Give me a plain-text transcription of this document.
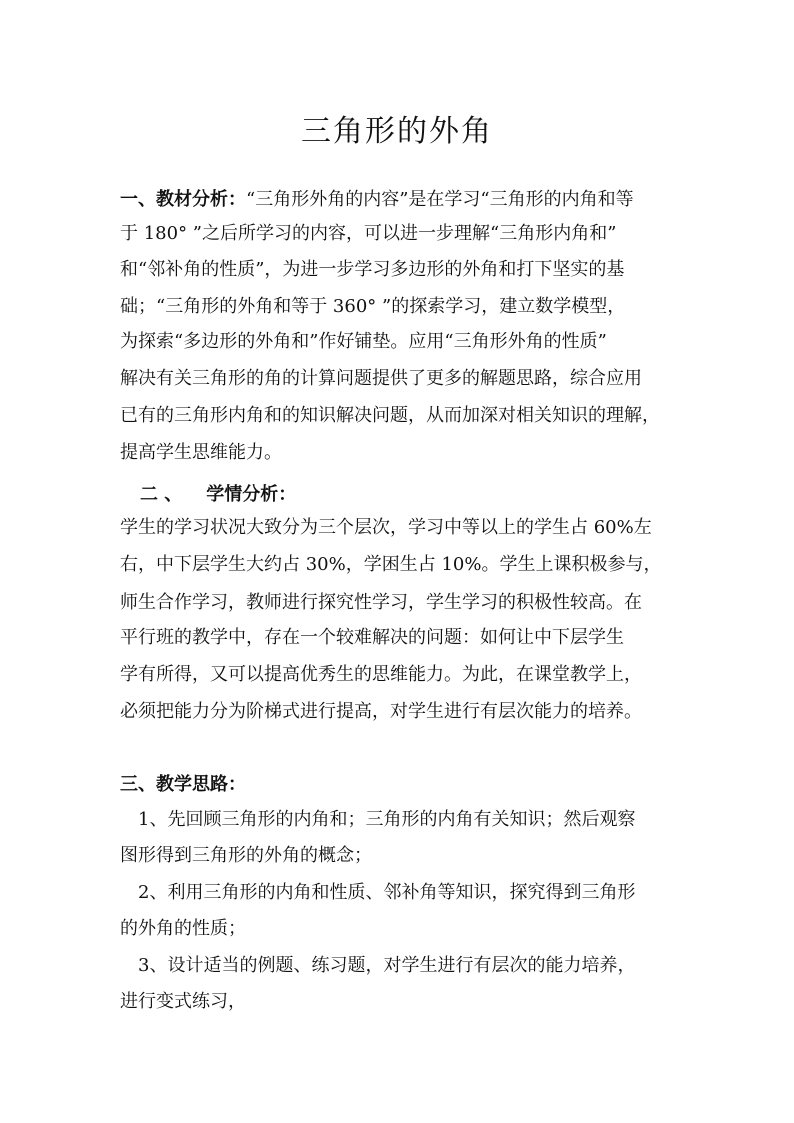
三角形的外角
一、教材分析：“三角形外角的内容”是在学习“三角形的内角和等
于 180° ”之后所学习的内容，可以进一步理解“三角形内角和”
和“邻补角的性质”，为进一步学习多边形的外角和打下坚实的基
础；“三角形的外角和等于 360° ”的探索学习，建立数学模型，
为探索“多边形的外角和”作好铺垫。应用“三角形外角的性质”
解决有关三角形的角的计算问题提供了更多的解题思路，综合应用
已有的三角形内角和的知识解决问题，从而加深对相关知识的理解，
提高学生思维能力。
二 、 学情分析：
学生的学习状况大致分为三个层次，学习中等以上的学生占 60%左
右，中下层学生大约占 30%，学困生占 10%。学生上课积极参与，
师生合作学习，教师进行探究性学习，学生学习的积极性较高。在
平行班的教学中，存在一个较难解决的问题：如何让中下层学生
学有所得，又可以提高优秀生的思维能力。为此，在课堂教学上，
必须把能力分为阶梯式进行提高，对学生进行有层次能力的培养。
三、教学思路：
1、先回顾三角形的内角和；三角形的内角有关知识；然后观察
图形得到三角形的外角的概念；
2、利用三角形的内角和性质、邻补角等知识，探究得到三角形
的外角的性质；
3、设计适当的例题、练习题，对学生进行有层次的能力培养，
进行变式练习，
